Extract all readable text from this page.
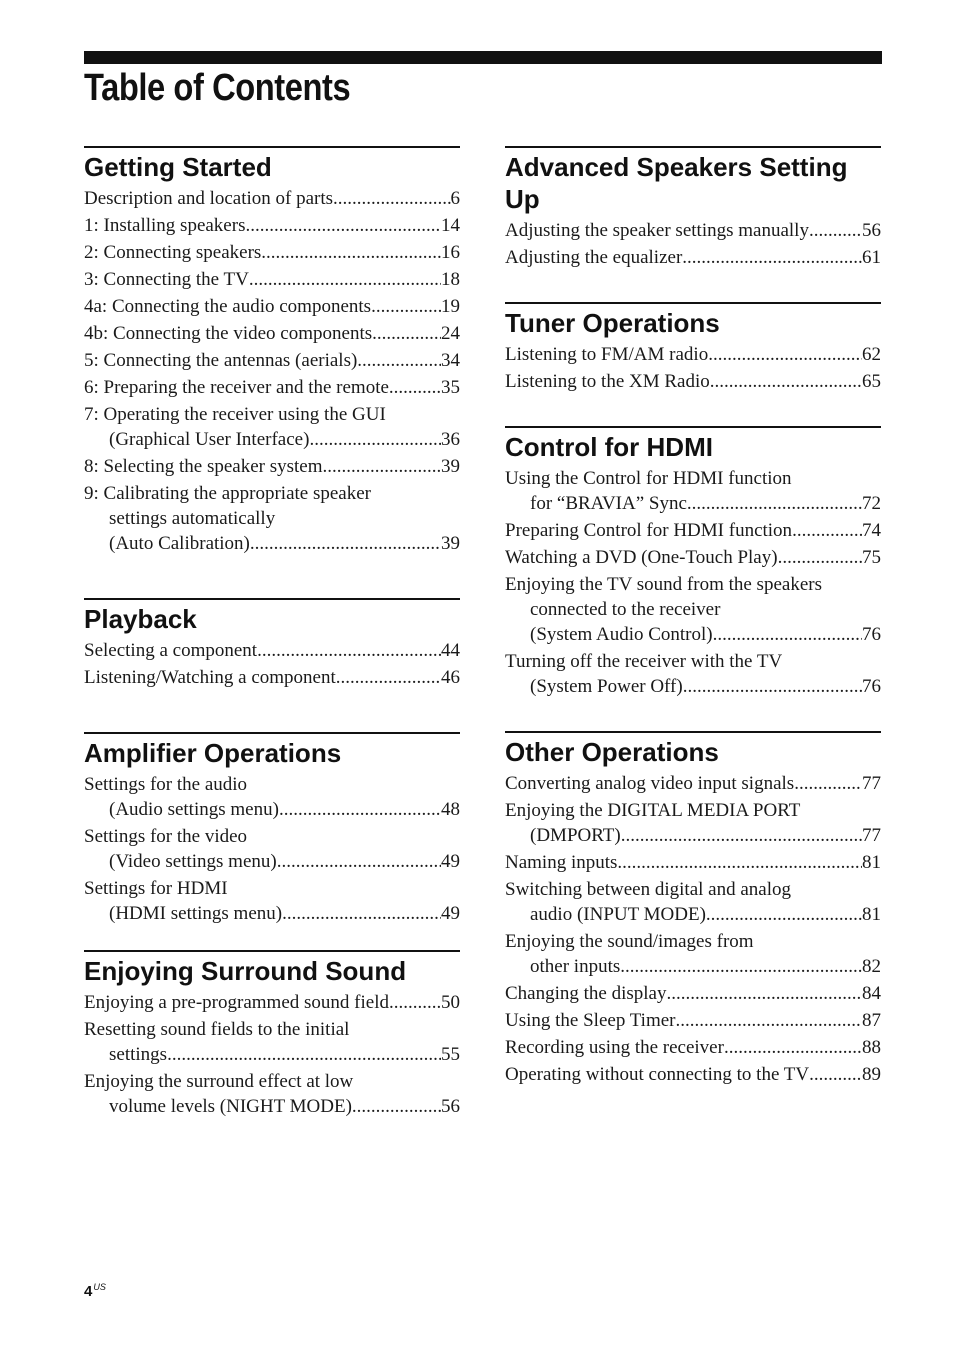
Table of Contents
Getting Started
Description and location of parts .....	6
1: Installing speakers .....	14
2: Connecting speakers .....	16
3: Connecting the TV .....	18
4a: Connecting the audio components .....	19
4b: Connecting the video components .....	24
5: Connecting the antennas (aerials) .....	34
6: Preparing the receiver and the remote .....	35
7: Operating the receiver using the GUI
(Graphical User Interface) .....	36
8: Selecting the speaker system .....	39
9: Calibrating the appropriate speaker
settings automatically
(Auto Calibration) .....	39
Playback
Selecting a component .....	44
Listening/Watching a component .....	46
Amplifier Operations
Settings for the audio
(Audio settings menu) .....	48
Settings for the video
(Video settings menu) .....	49
Settings for HDMI
(HDMI settings menu) .....	49
Enjoying Surround Sound
Enjoying a pre-programmed sound field .....	50
Resetting sound fields to the initial
settings .....	55
Enjoying the surround effect at low
volume levels (NIGHT MODE) .....	56
Advanced Speakers Setting Up
Adjusting the speaker settings manually .....	56
Adjusting the equalizer .....	61
Tuner Operations
Listening to FM/AM radio .....	62
Listening to the XM Radio .....	65
Control for HDMI
Using the Control for HDMI function
for “BRAVIA” Sync .....	72
Preparing Control for HDMI function .....	74
Watching a DVD (One-Touch Play) .....	75
Enjoying the TV sound from the speakers
connected to the receiver
(System Audio Control) .....	76
Turning off the receiver with the TV
(System Power Off) .....	76
Other Operations
Converting analog video input signals .....	77
Enjoying the DIGITAL MEDIA PORT
(DMPORT) .....	77
Naming inputs .....	81
Switching between digital and analog
audio (INPUT MODE) .....	81
Enjoying the sound/images from
other inputs .....	82
Changing the display .....	84
Using the Sleep Timer .....	87
Recording using the receiver .....	88
Operating without connecting to the TV .....	89
$4^{US}$
